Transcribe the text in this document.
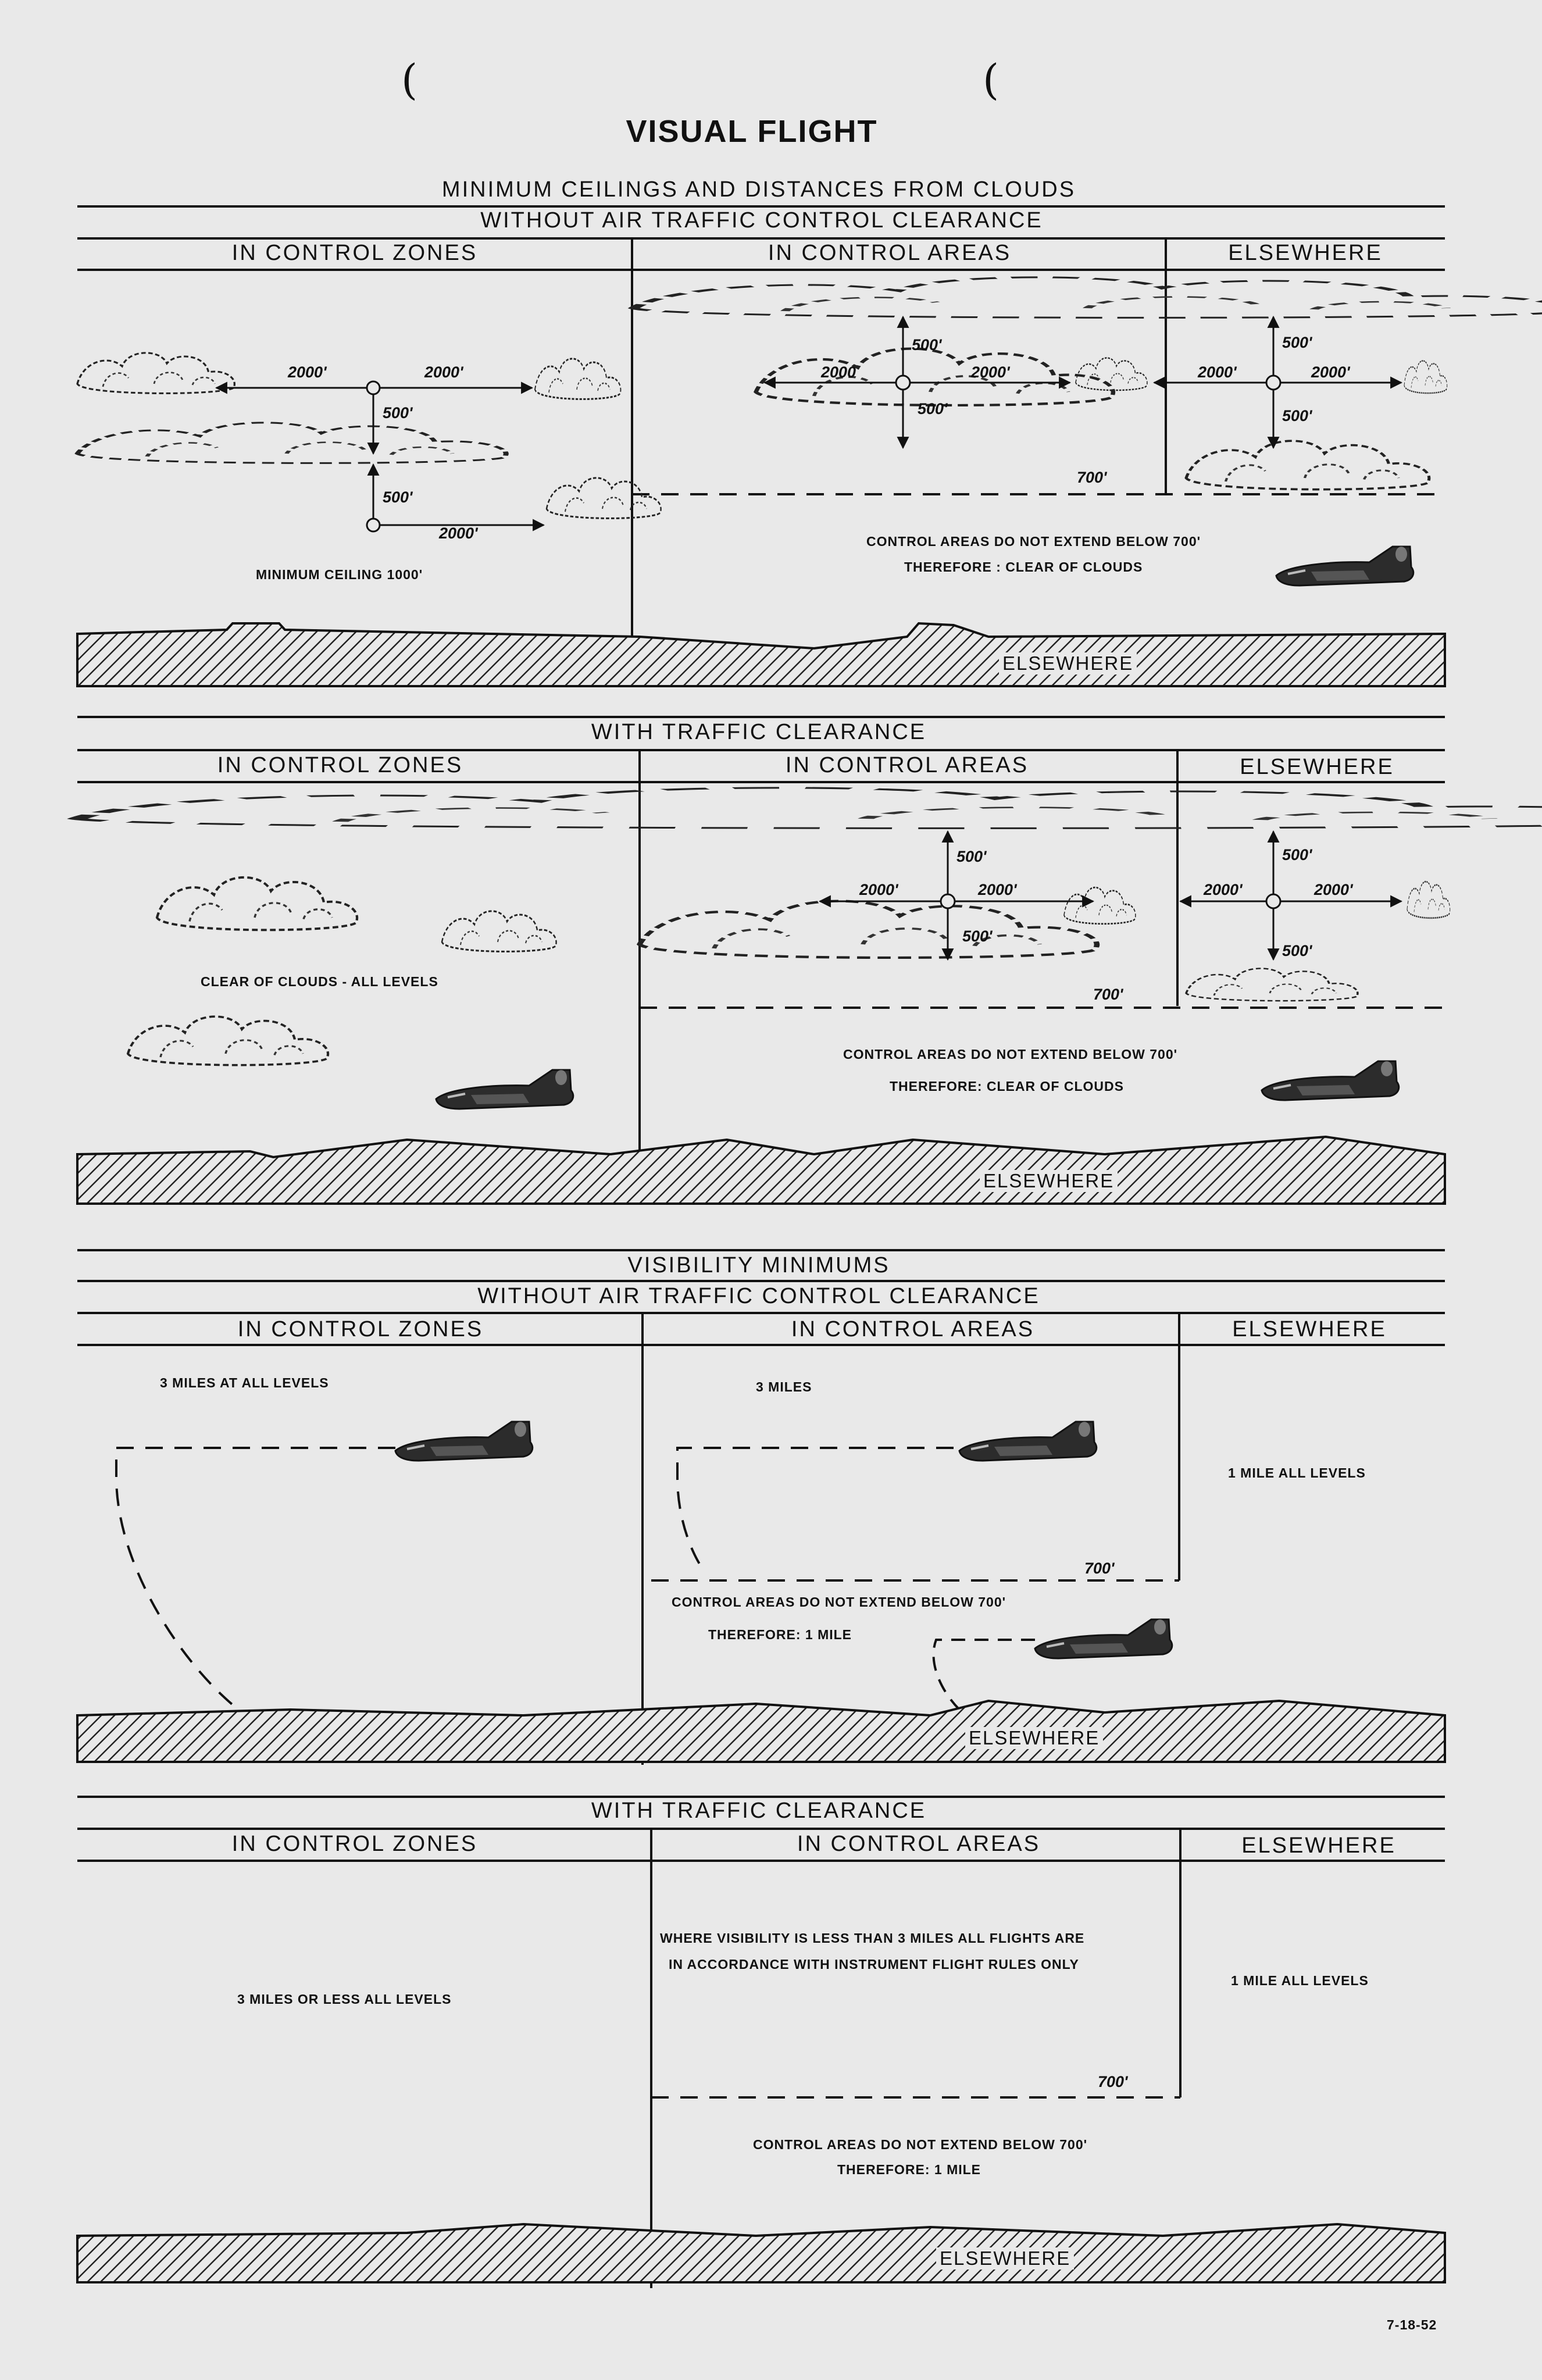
(	(
VISUAL FLIGHT
MINIMUM CEILINGS AND DISTANCES FROM CLOUDS
WITHOUT AIR TRAFFIC CONTROL CLEARANCE
IN CONTROL ZONES	IN CONTROL AREAS	ELSEWHERE
2000'	2000'
500'
500'
2000'
MINIMUM CEILING 1000'
500'
2000	2000'
500'
700'
500'
2000'	2000'
500'
CONTROL AREAS DO NOT EXTEND BELOW 700'
THEREFORE : CLEAR OF CLOUDS
ELSEWHERE
WITH TRAFFIC CLEARANCE
IN CONTROL ZONES	IN CONTROL AREAS	ELSEWHERE
CLEAR OF CLOUDS - ALL LEVELS
500'
2000'	2000'
500'
700'
500'
2000'	2000'
500'
CONTROL AREAS DO NOT EXTEND BELOW 700'
THEREFORE: CLEAR OF CLOUDS
ELSEWHERE
VISIBILITY MINIMUMS
WITHOUT AIR TRAFFIC CONTROL CLEARANCE
IN CONTROL ZONES	IN CONTROL AREAS	ELSEWHERE
3 MILES AT ALL LEVELS	3 MILES
1 MILE ALL LEVELS
700'
CONTROL AREAS DO NOT EXTEND BELOW 700'
THEREFORE: 1 MILE
ELSEWHERE
WITH TRAFFIC CLEARANCE
IN CONTROL ZONES	IN CONTROL AREAS	ELSEWHERE
3 MILES OR LESS ALL LEVELS
WHERE VISIBILITY IS LESS THAN 3 MILES ALL FLIGHTS ARE
IN ACCORDANCE WITH INSTRUMENT FLIGHT RULES ONLY
1 MILE ALL LEVELS
700'
CONTROL AREAS DO NOT EXTEND BELOW 700'
THEREFORE: 1 MILE
ELSEWHERE
7-18-52
